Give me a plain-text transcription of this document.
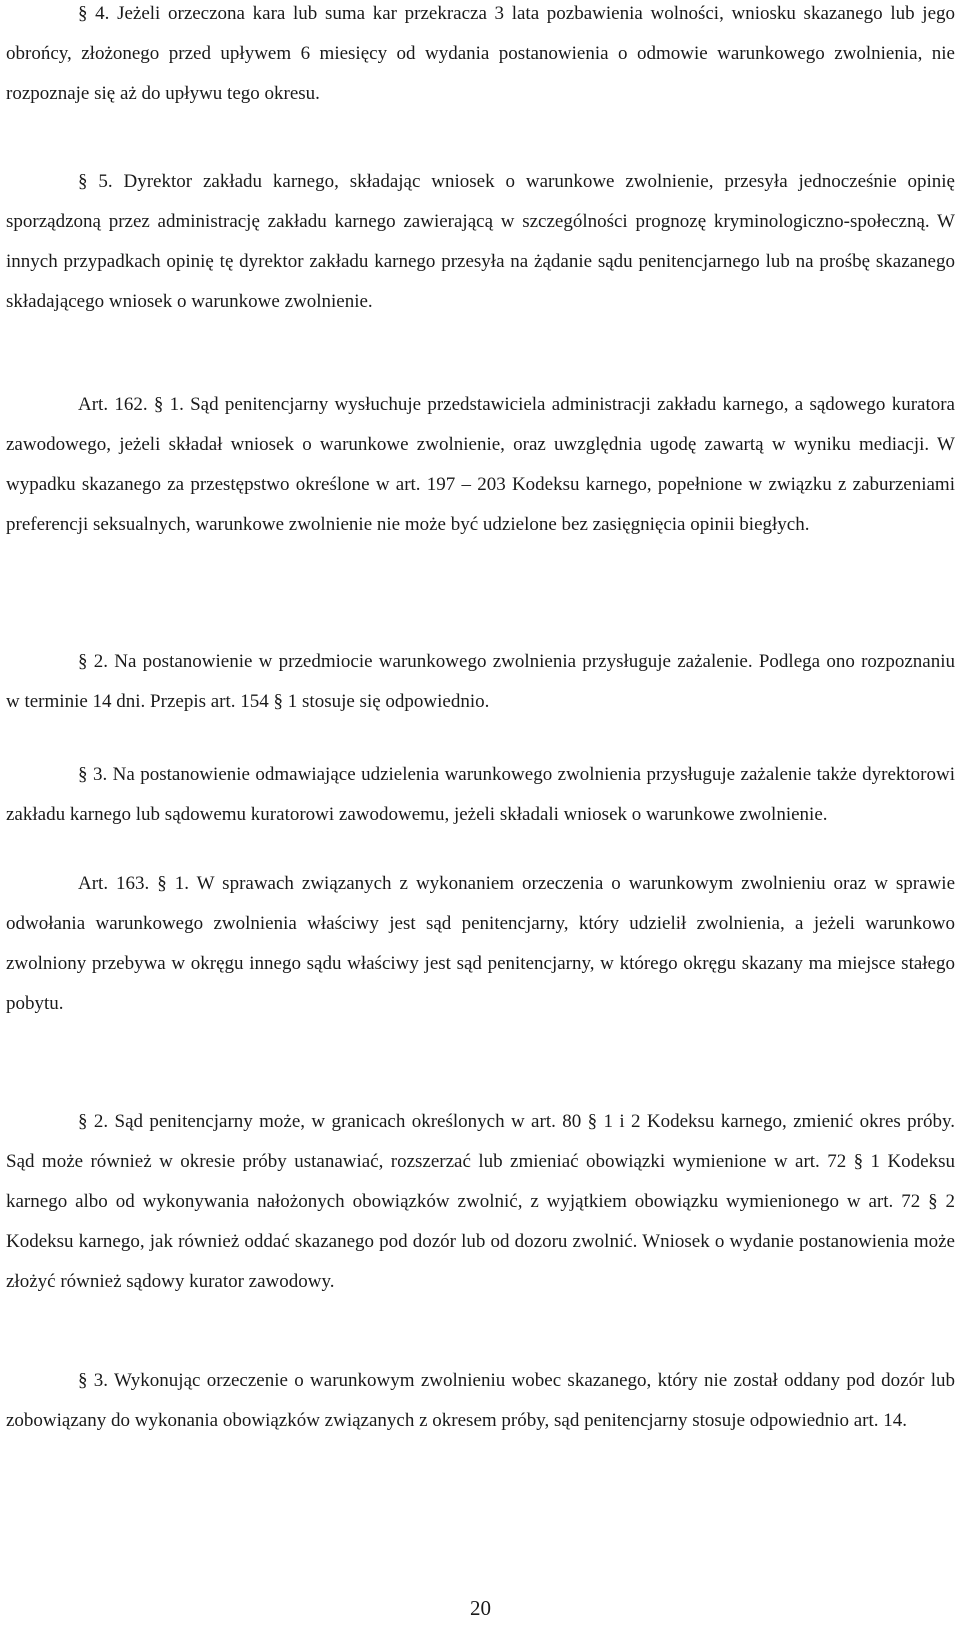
§ 4. Jeżeli orzeczona kara lub suma kar przekracza 3 lata pozbawienia wolności, wniosku skazanego lub jego obrońcy, złożonego przed upływem 6 miesięcy od wydania postanowienia o odmowie warunkowego zwolnienia, nie rozpoznaje się aż do upływu tego okresu.

§ 5. Dyrektor zakładu karnego, składając wniosek o warunkowe zwolnienie, przesyła jednocześnie opinię sporządzoną przez administrację zakładu karnego zawierającą w szczególności prognozę kryminologiczno-społeczną. W innych przypadkach opinię tę dyrektor zakładu karnego przesyła na żądanie sądu penitencjarnego lub na prośbę skazanego składającego wniosek o warunkowe zwolnienie.

Art. 162. § 1. Sąd penitencjarny wysłuchuje przedstawiciela administracji zakładu karnego, a sądowego kuratora zawodowego, jeżeli składał wniosek o warunkowe zwolnienie, oraz uwzględnia ugodę zawartą w wyniku mediacji. W wypadku skazanego za przestępstwo określone w art. 197 – 203 Kodeksu karnego, popełnione w związku z zaburzeniami preferencji seksualnych, warunkowe zwolnienie nie może być udzielone bez zasięgnięcia opinii biegłych.

§ 2. Na postanowienie w przedmiocie warunkowego zwolnienia przysługuje zażalenie. Podlega ono rozpoznaniu w terminie 14 dni. Przepis art. 154 § 1 stosuje się odpowiednio.

§ 3. Na postanowienie odmawiające udzielenia warunkowego zwolnienia przysługuje zażalenie także dyrektorowi zakładu karnego lub sądowemu kuratorowi zawodowemu, jeżeli składali wniosek o warunkowe zwolnienie.

Art. 163. § 1. W sprawach związanych z wykonaniem orzeczenia o warunkowym zwolnieniu oraz w sprawie odwołania warunkowego zwolnienia właściwy jest sąd penitencjarny, który udzielił zwolnienia, a jeżeli warunkowo zwolniony przebywa w okręgu innego sądu właściwy jest sąd penitencjarny, w którego okręgu skazany ma miejsce stałego pobytu.

§ 2. Sąd penitencjarny może, w granicach określonych w art. 80 § 1 i 2 Kodeksu karnego, zmienić okres próby. Sąd może również w okresie próby ustanawiać, rozszerzać lub zmieniać obowiązki wymienione w art. 72 § 1 Kodeksu karnego albo od wykonywania nałożonych obowiązków zwolnić, z wyjątkiem obowiązku wymienionego w art. 72 § 2 Kodeksu karnego, jak również oddać skazanego pod dozór lub od dozoru zwolnić. Wniosek o wydanie postanowienia może złożyć również sądowy kurator zawodowy.

§ 3. Wykonując orzeczenie o warunkowym zwolnieniu wobec skazanego, który nie został oddany pod dozór lub zobowiązany do wykonania obowiązków związanych z okresem próby, sąd penitencjarny stosuje odpowiednio art. 14.

20
